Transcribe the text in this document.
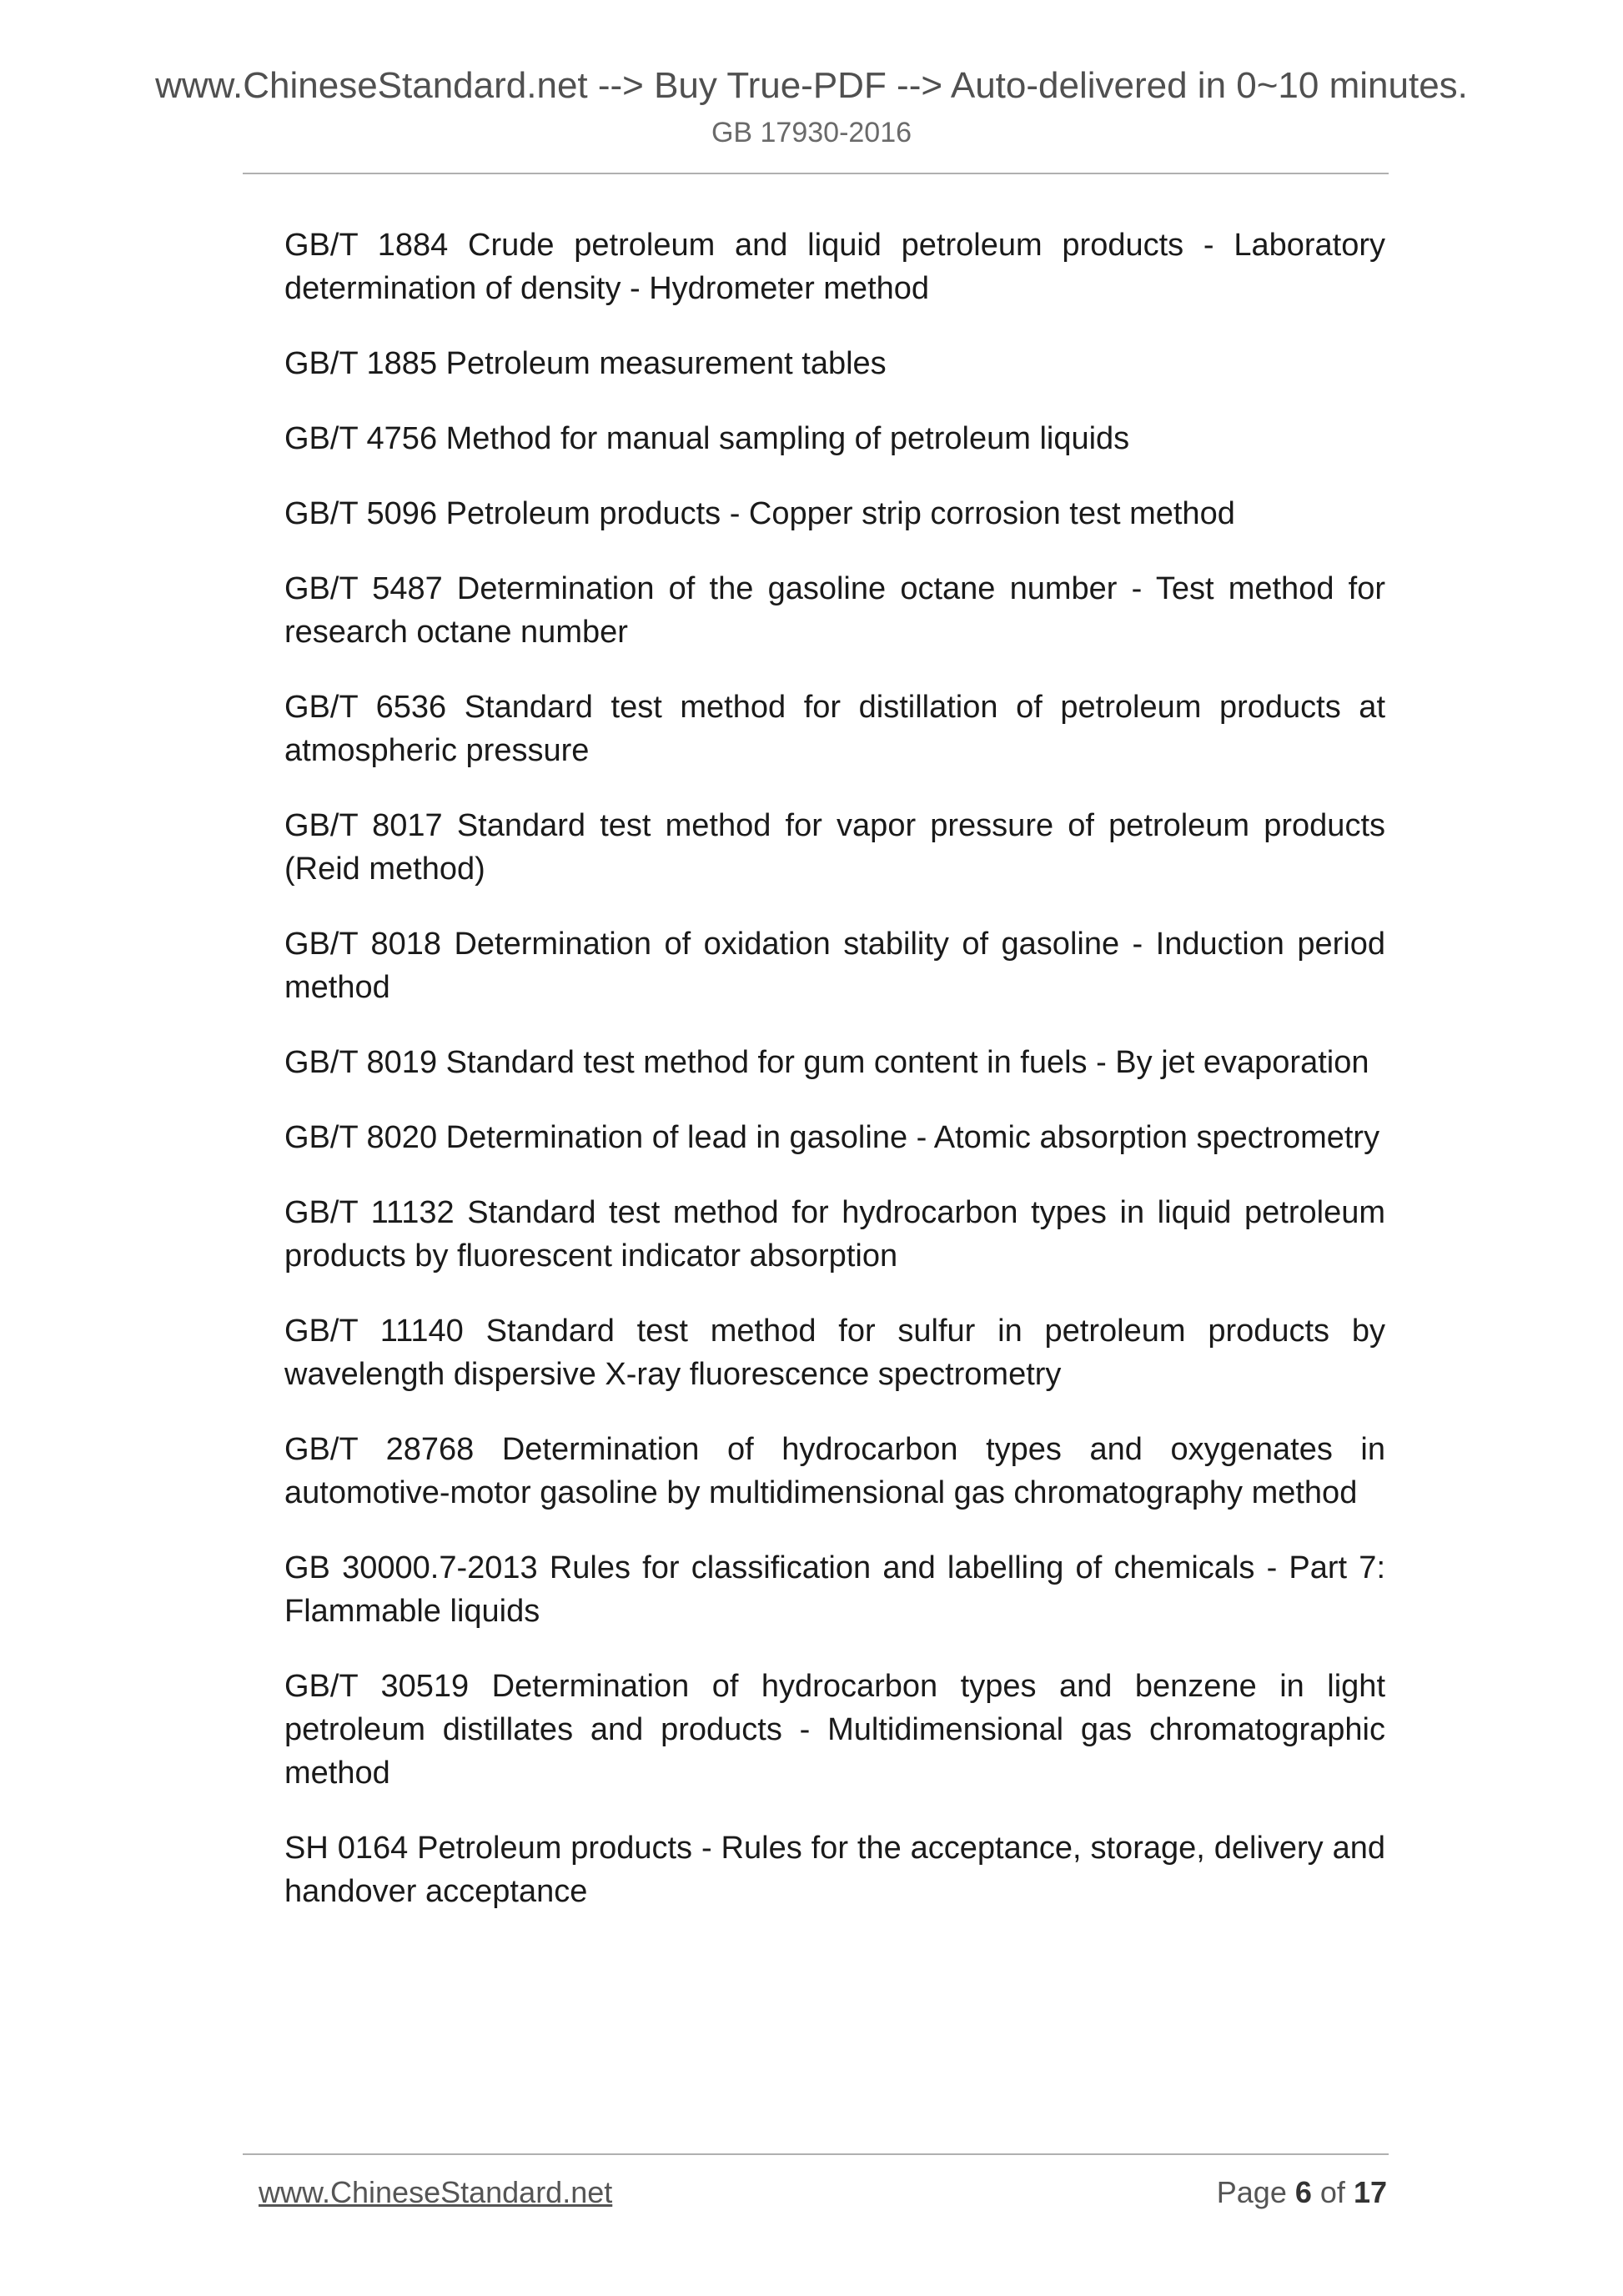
www.ChineseStandard.net --> Buy True-PDF --> Auto-delivered in 0~10 minutes.
GB 17930-2016

GB/T 1884 Crude petroleum and liquid petroleum products - Laboratory determination of density - Hydrometer method

GB/T 1885 Petroleum measurement tables

GB/T 4756 Method for manual sampling of petroleum liquids

GB/T 5096 Petroleum products - Copper strip corrosion test method

GB/T 5487 Determination of the gasoline octane number - Test method for research octane number

GB/T 6536 Standard test method for distillation of petroleum products at atmospheric pressure

GB/T 8017 Standard test method for vapor pressure of petroleum products (Reid method)

GB/T 8018 Determination of oxidation stability of gasoline - Induction period method

GB/T 8019 Standard test method for gum content in fuels - By jet evaporation

GB/T 8020 Determination of lead in gasoline - Atomic absorption spectrometry

GB/T 11132 Standard test method for hydrocarbon types in liquid petroleum products by fluorescent indicator absorption

GB/T 11140 Standard test method for sulfur in petroleum products by wavelength dispersive X-ray fluorescence spectrometry

GB/T 28768 Determination of hydrocarbon types and oxygenates in automotive-motor gasoline by multidimensional gas chromatography method

GB 30000.7-2013 Rules for classification and labelling of chemicals - Part 7: Flammable liquids

GB/T 30519 Determination of hydrocarbon types and benzene in light petroleum distillates and products - Multidimensional gas chromatographic method

SH 0164 Petroleum products - Rules for the acceptance, storage, delivery and handover acceptance

www.ChineseStandard.net	Page 6 of 17
